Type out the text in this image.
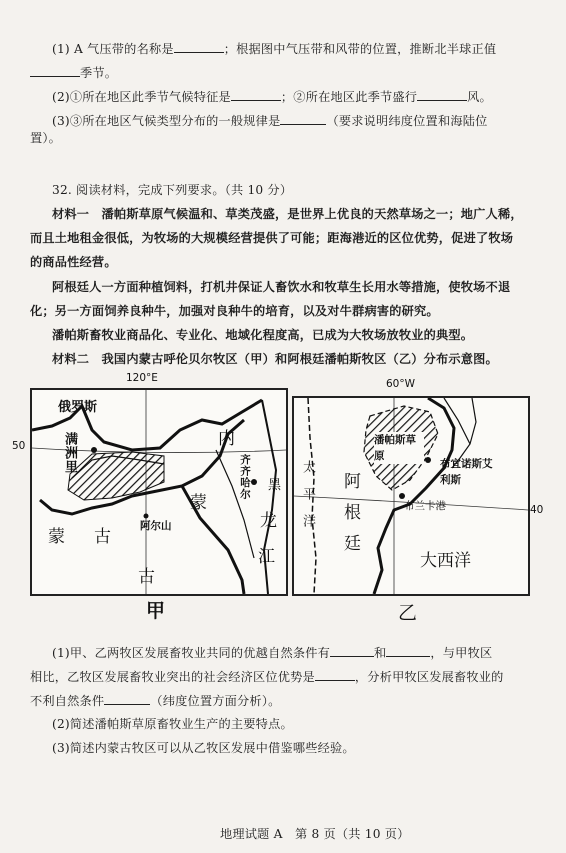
(1) A 气压带的名称是	；根据图中气压带和风带的位置，推断北半球正值
季节。
(2)①所在地区此季节气候特征是	；②所在地区此季节盛行	风。
(3)③所在地区气候类型分布的一般规律是	（要求说明纬度位置和海陆位
置）。
32. 阅读材料，完成下列要求。（共 10 分）
材料一　潘帕斯草原气候温和、草类茂盛，是世界上优良的天然草场之一；地广人稀，
而且土地租金很低，为牧场的大规模经营提供了可能；距海港近的区位优势，促进了牧场
的商品性经营。
阿根廷人一方面种植饲料，打机井保证人畜饮水和牧草生长用水等措施，使牧场不退
化；另一方面饲养良种牛，加强对良种牛的培育，以及对牛群病害的研究。
潘帕斯畜牧业商品化、专业化、地域化程度高，已成为大牧场放牧业的典型。
材料二　我国内蒙古呼伦贝尔牧区（甲）和阿根廷潘帕斯牧区（乙）分布示意图。
120°E
50
俄罗斯
满洲里	内
蒙
蒙 古
古
阿尔山
齐齐哈尔 黑
龙
江
甲
60°W
40
潘帕斯草原
布宜诺斯艾利斯
布兰卡港
太平洋 阿根廷	大西洋
乙
(1)甲、乙两牧区发展畜牧业共同的优越自然条件有	和	，与甲牧区
相比，乙牧区发展畜牧业突出的社会经济区位优势是	，分析甲牧区发展畜牧业的
不利自然条件	（纬度位置方面分析）。
(2)简述潘帕斯草原畜牧业生产的主要特点。
(3)简述内蒙古牧区可以从乙牧区发展中借鉴哪些经验。
地理试题 A　第 8 页（共 10 页）
